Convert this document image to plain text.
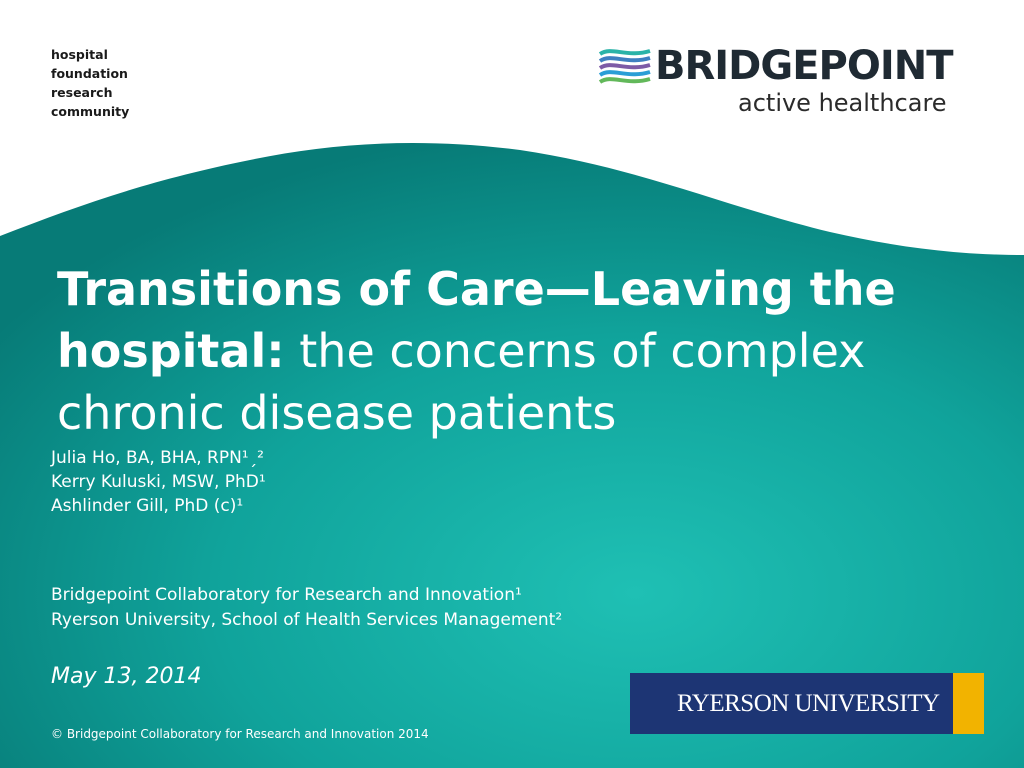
hospital
foundation
research
community
BRIDGEPOINT
active healthcare
Transitions of Care—Leaving the hospital: the concerns of complex chronic disease patients
Julia Ho, BA, BHA, RPN¹ˏ²
Kerry Kuluski, MSW, PhD¹
Ashlinder Gill, PhD (c)¹
Bridgepoint Collaboratory for Research and Innovation¹
Ryerson University, School of Health Services Management²
May 13, 2014
© Bridgepoint Collaboratory for Research and Innovation 2014
RYERSON UNIVERSITY
